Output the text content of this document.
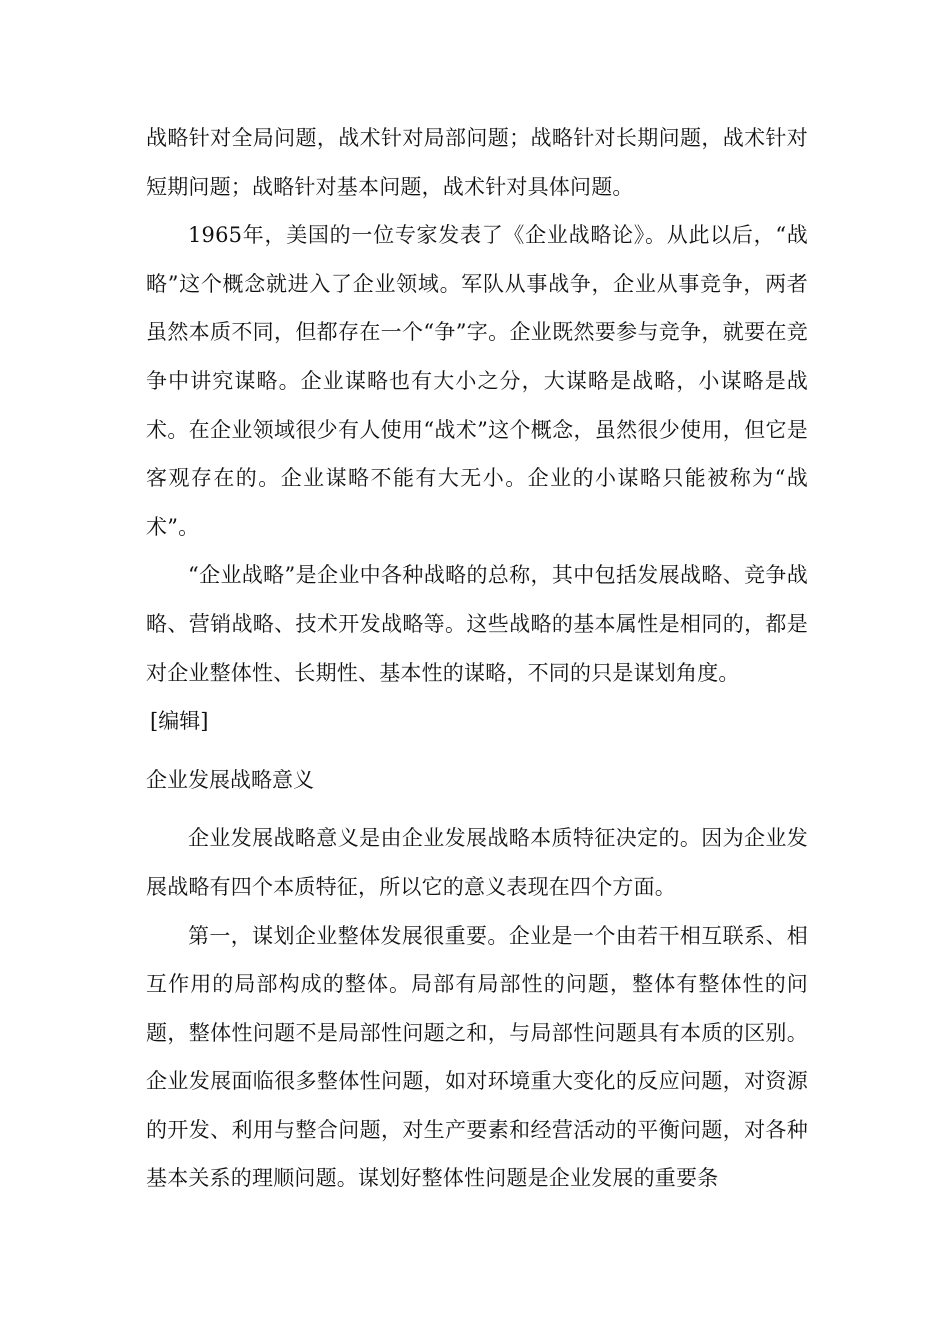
战略针对全局问题，战术针对局部问题；战略针对长期问题，战术针对短期问题；战略针对基本问题，战术针对具体问题。

1965年，美国的一位专家发表了《企业战略论》。从此以后，“战略”这个概念就进入了企业领域。军队从事战争，企业从事竞争，两者虽然本质不同，但都存在一个“争”字。企业既然要参与竞争，就要在竞争中讲究谋略。企业谋略也有大小之分，大谋略是战略，小谋略是战术。在企业领域很少有人使用“战术”这个概念，虽然很少使用，但它是客观存在的。企业谋略不能有大无小。企业的小谋略只能被称为“战术”。

“企业战略”是企业中各种战略的总称，其中包括发展战略、竞争战略、营销战略、技术开发战略等。这些战略的基本属性是相同的，都是对企业整体性、长期性、基本性的谋略，不同的只是谋划角度。

[编辑]

企业发展战略意义

企业发展战略意义是由企业发展战略本质特征决定的。因为企业发展战略有四个本质特征，所以它的意义表现在四个方面。

第一，谋划企业整体发展很重要。企业是一个由若干相互联系、相互作用的局部构成的整体。局部有局部性的问题，整体有整体性的问题，整体性问题不是局部性问题之和，与局部性问题具有本质的区别。企业发展面临很多整体性问题，如对环境重大变化的反应问题，对资源的开发、利用与整合问题，对生产要素和经营活动的平衡问题，对各种基本关系的理顺问题。谋划好整体性问题是企业发展的重要条
